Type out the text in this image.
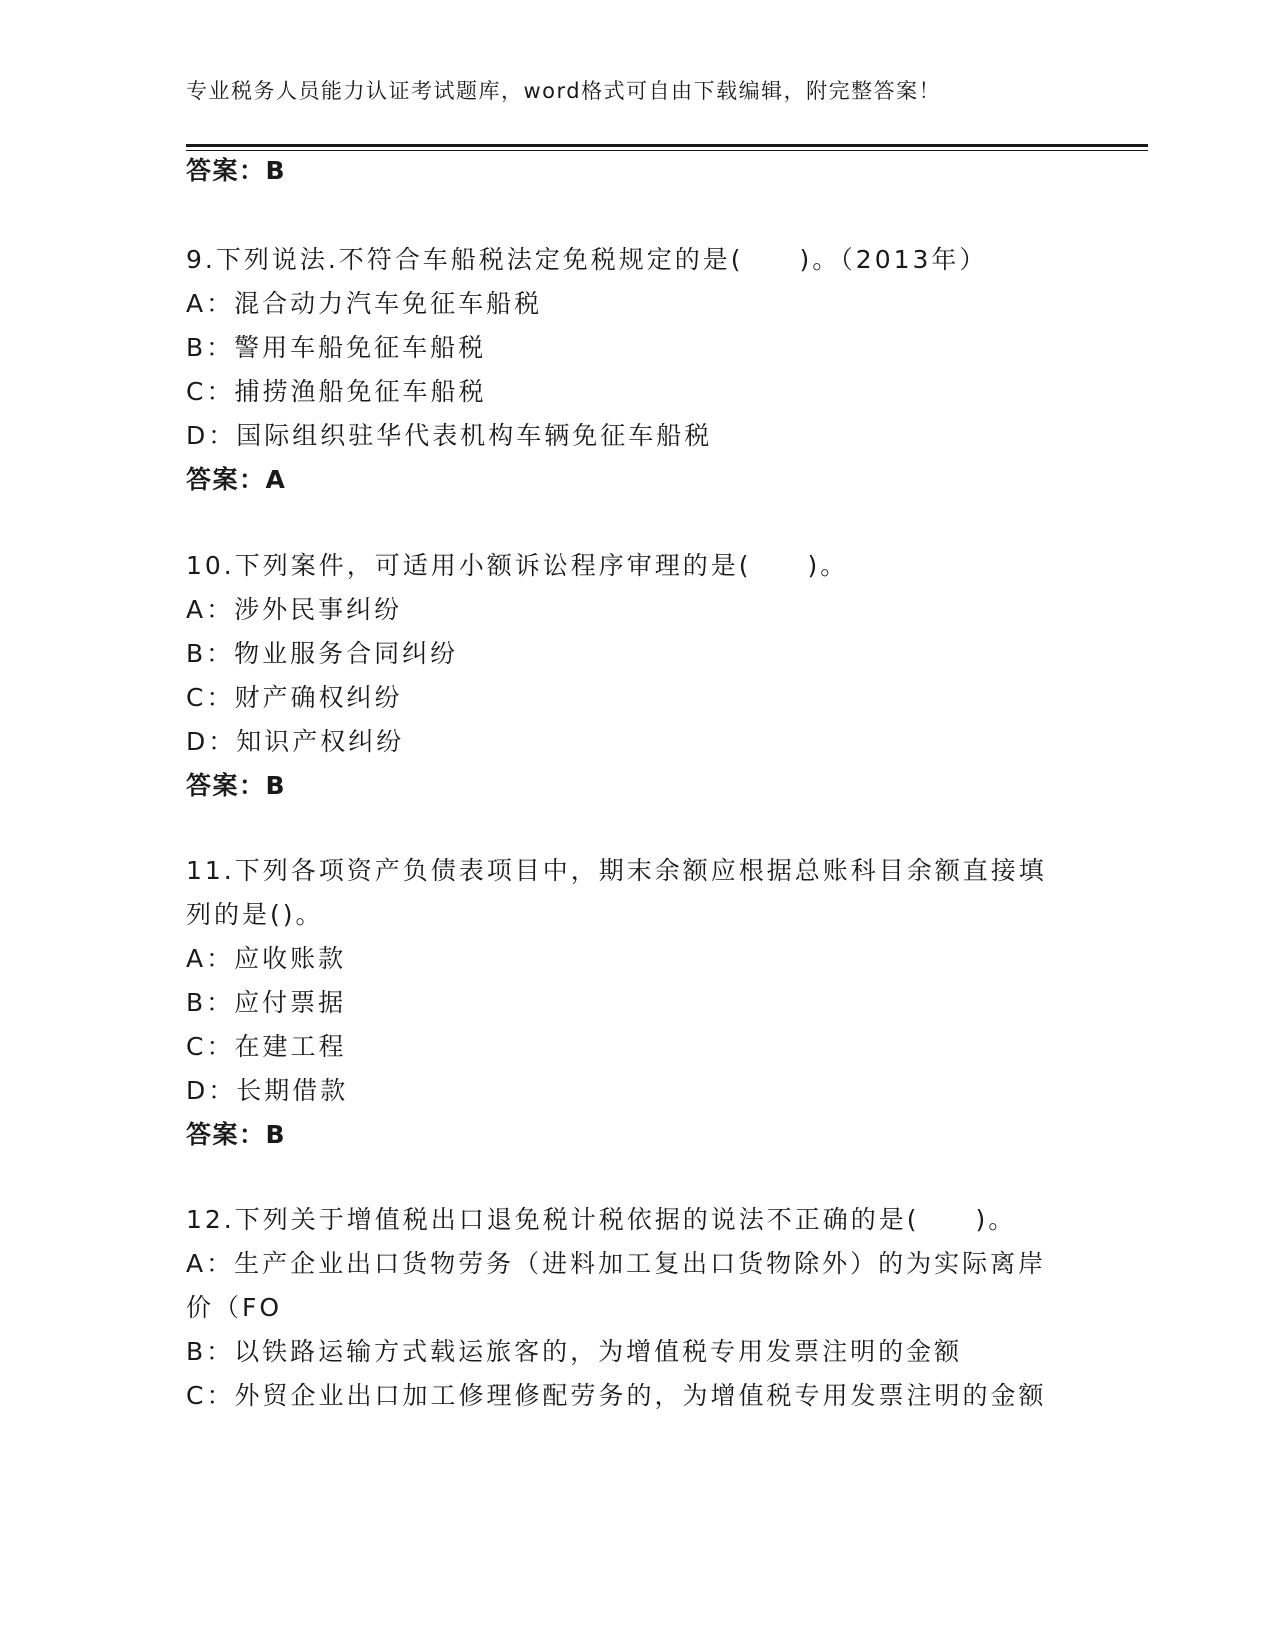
专业税务人员能力认证考试题库，word格式可自由下载编辑，附完整答案！
答案：B
9.下列说法.不符合车船税法定免税规定的是(　　)。（2013年）
A：混合动力汽车免征车船税
B：警用车船免征车船税
C：捕捞渔船免征车船税
D：国际组织驻华代表机构车辆免征车船税
答案：A
10.下列案件，可适用小额诉讼程序审理的是(　　)。
A：涉外民事纠纷
B：物业服务合同纠纷
C：财产确权纠纷
D：知识产权纠纷
答案：B
11.下列各项资产负债表项目中，期末余额应根据总账科目余额直接填
列的是()。
A：应收账款
B：应付票据
C：在建工程
D：长期借款
答案：B
12.下列关于增值税出口退免税计税依据的说法不正确的是(　　)。
A：生产企业出口货物劳务（进料加工复出口货物除外）的为实际离岸
价（FO
B：以铁路运输方式载运旅客的，为增值税专用发票注明的金额
C：外贸企业出口加工修理修配劳务的，为增值税专用发票注明的金额
